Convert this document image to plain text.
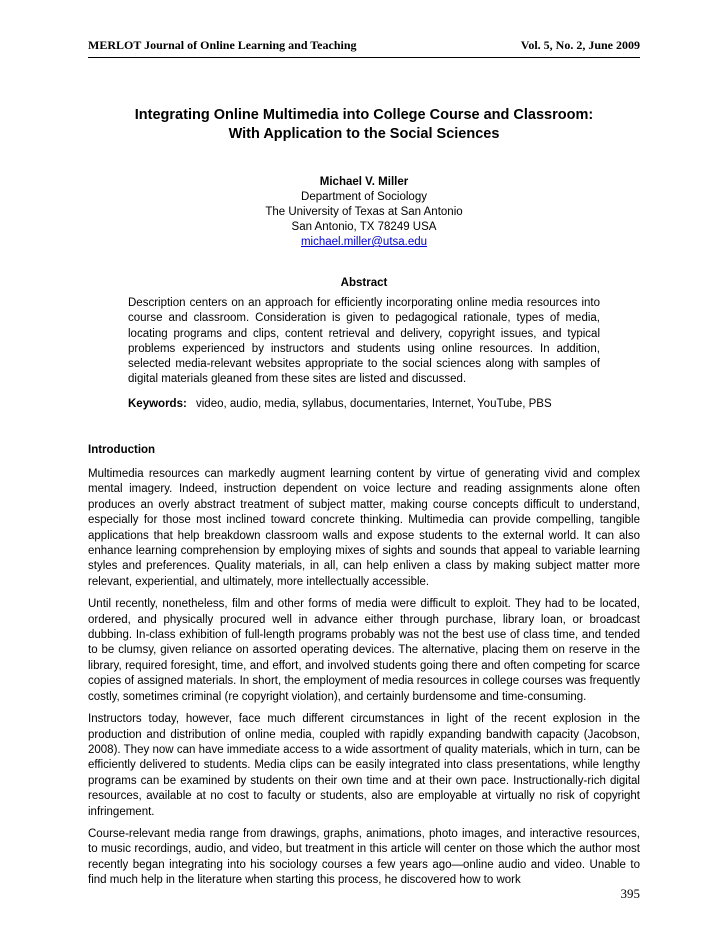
MERLOT Journal of Online Learning and Teaching	Vol. 5, No. 2, June 2009
Integrating Online Multimedia into College Course and Classroom:
With Application to the Social Sciences
Michael V. Miller
Department of Sociology
The University of Texas at San Antonio
San Antonio, TX 78249 USA
michael.miller@utsa.edu
Abstract
Description centers on an approach for efficiently incorporating online media resources into course and classroom. Consideration is given to pedagogical rationale, types of media, locating programs and clips, content retrieval and delivery, copyright issues, and typical problems experienced by instructors and students using online resources. In addition, selected media-relevant websites appropriate to the social sciences along with samples of digital materials gleaned from these sites are listed and discussed.
Keywords: video, audio, media, syllabus, documentaries, Internet, YouTube, PBS
Introduction

Multimedia resources can markedly augment learning content by virtue of generating vivid and complex mental imagery. Indeed, instruction dependent on voice lecture and reading assignments alone often produces an overly abstract treatment of subject matter, making course concepts difficult to understand, especially for those most inclined toward concrete thinking. Multimedia can provide compelling, tangible applications that help breakdown classroom walls and expose students to the external world. It can also enhance learning comprehension by employing mixes of sights and sounds that appeal to variable learning styles and preferences. Quality materials, in all, can help enliven a class by making subject matter more relevant, experiential, and ultimately, more intellectually accessible.

Until recently, nonetheless, film and other forms of media were difficult to exploit. They had to be located, ordered, and physically procured well in advance either through purchase, library loan, or broadcast dubbing. In-class exhibition of full-length programs probably was not the best use of class time, and tended to be clumsy, given reliance on assorted operating devices. The alternative, placing them on reserve in the library, required foresight, time, and effort, and involved students going there and often competing for scarce copies of assigned materials. In short, the employment of media resources in college courses was frequently costly, sometimes criminal (re copyright violation), and certainly burdensome and time-consuming.

Instructors today, however, face much different circumstances in light of the recent explosion in the production and distribution of online media, coupled with rapidly expanding bandwith capacity (Jacobson, 2008). They now can have immediate access to a wide assortment of quality materials, which in turn, can be efficiently delivered to students. Media clips can be easily integrated into class presentations, while lengthy programs can be examined by students on their own time and at their own pace. Instructionally-rich digital resources, available at no cost to faculty or students, also are employable at virtually no risk of copyright infringement.

Course-relevant media range from drawings, graphs, animations, photo images, and interactive resources, to music recordings, audio, and video, but treatment in this article will center on those which the author most recently began integrating into his sociology courses a few years ago—online audio and video. Unable to find much help in the literature when starting this process, he discovered how to work

395
